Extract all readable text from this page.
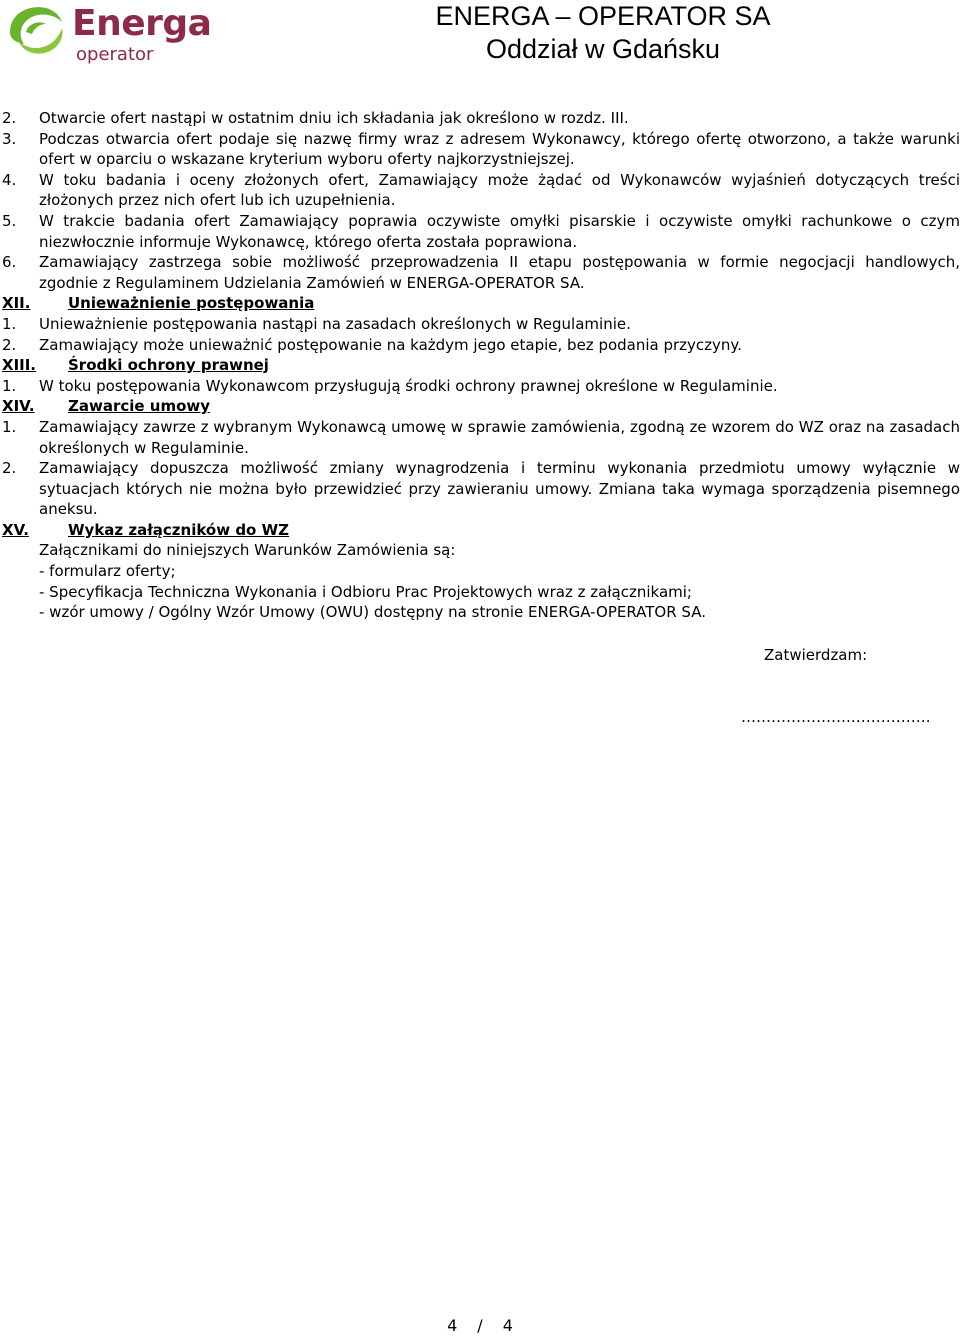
Energa
operator
ENERGA – OPERATOR SA
Oddział w Gdańsku
2. Otwarcie ofert nastąpi w ostatnim dniu ich składania jak określono w rozdz. III.
3. Podczas otwarcia ofert podaje się nazwę firmy wraz z adresem Wykonawcy, którego ofertę otworzono, a także warunki ofert w oparciu o wskazane kryterium wyboru oferty najkorzystniejszej.
4. W toku badania i oceny złożonych ofert, Zamawiający może żądać od Wykonawców wyjaśnień dotyczących treści złożonych przez nich ofert lub ich uzupełnienia.
5. W trakcie badania ofert Zamawiający poprawia oczywiste omyłki pisarskie i oczywiste omyłki rachunkowe o czym niezwłocznie informuje Wykonawcę, którego oferta została poprawiona.
6. Zamawiający zastrzega sobie możliwość przeprowadzenia II etapu postępowania w formie negocjacji handlowych, zgodnie z Regulaminem Udzielania Zamówień w ENERGA-OPERATOR SA.
XII.	Unieważnienie postępowania
1. Unieważnienie postępowania nastąpi na zasadach określonych w Regulaminie.
2. Zamawiający może unieważnić postępowanie na każdym jego etapie, bez podania przyczyny.
XIII. Środki ochrony prawnej
1. W toku postępowania Wykonawcom przysługują środki ochrony prawnej określone w Regulaminie.
XIV. Zawarcie umowy
1. Zamawiający zawrze z wybranym Wykonawcą umowę w sprawie zamówienia, zgodną ze wzorem do WZ oraz na zasadach określonych w Regulaminie.
2. Zamawiający dopuszcza możliwość zmiany wynagrodzenia i terminu wykonania przedmiotu umowy wyłącznie w sytuacjach których nie można było przewidzieć przy zawieraniu umowy. Zmiana taka wymaga sporządzenia pisemnego aneksu.
XV.	Wykaz załączników do WZ
Załącznikami do niniejszych Warunków Zamówienia są:
- formularz oferty;
- Specyfikacja Techniczna Wykonania i Odbioru Prac Projektowych wraz z załącznikami;
- wzór umowy / Ogólny Wzór Umowy (OWU) dostępny na stronie ENERGA-OPERATOR SA.
Zatwierdzam:
………………….…………….
4 / 4
